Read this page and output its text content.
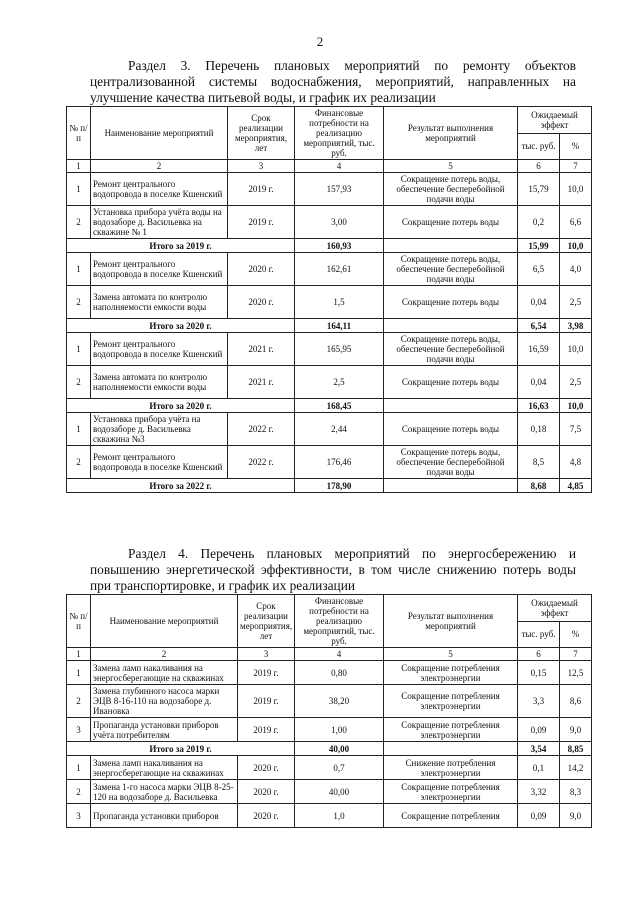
2
Раздел 3. Перечень плановых мероприятий по ремонту объектов централизованной системы водоснабжения, мероприятий, направленных на улучшение качества питьевой воды, и график их реализации
№ п/п	Наименование мероприятий	Срок реализации мероприятия, лет	Финансовые потребности на реализацию мероприятий, тыс. руб.	Результат выполнения мероприятий	Ожидаемый эффект	
					тыс. руб.	%
1	2	3	4	5	6	7
1	Ремонт центрального водопровода в поселке Кшенский	2019 г.	157,93	Сокращение потерь воды, обеспечение бесперебойной подачи воды	15,79	10,0
2	Установка прибора учёта воды на водозаборе д. Васильевка на скважине № 1	2019 г.	3,00	Сокращение потерь воды	0,2	6,6
Итого за 2019 г.			160,93		15,99	10,0
1	Ремонт центрального водопровода в поселке Кшенский	2020 г.	162,61	Сокращение потерь воды, обеспечение бесперебойной подачи воды	6,5	4,0
2	Замена автомата по контролю наполняемости емкости воды	2020 г.	1,5	Сокращение потерь воды	0,04	2,5
Итого за 2020 г.			164,11		6,54	3,98
1	Ремонт центрального водопровода в поселке Кшенский	2021 г.	165,95	Сокращение потерь воды, обеспечение бесперебойной подачи воды	16,59	10,0
2	Замена автомата по контролю наполняемости емкости воды	2021 г.	2,5	Сокращение потерь воды	0,04	2,5
Итого за 2020 г.			168,45		16,63	10,0
1	Установка прибора учёта на водозаборе д. Васильевка скважина №3	2022 г.	2,44	Сокращение потерь воды	0,18	7,5
2	Ремонт центрального водопровода в поселке Кшенский	2022 г.	176,46	Сокращение потерь воды, обеспечение бесперебойной подачи воды	8,5	4,8
Итого за 2022 г.			178,90		8,68	4,85
Раздел 4. Перечень плановых мероприятий по энергосбережению и повышению энергетической эффективности, в том числе снижению потерь воды при транспортировке, и график их реализации
№ п/п	Наименование мероприятий	Срок реализации мероприятия, лет	Финансовые потребности на реализацию мероприятий, тыс. руб.	Результат выполнения мероприятий	Ожидаемый эффект	
					тыс. руб.	%
1	2	3	4	5	6	7
1	Замена ламп накаливания на энергосберегающие на скважинах	2019 г.	0,80	Сокращение потребления электроэнергии	0,15	12,5
2	Замена глубинного насоса марки ЭЦВ 8-16-110 на водозаборе д. Ивановка	2019 г.	38,20	Сокращение потребления электроэнергии	3,3	8,6
3	Пропаганда установки приборов учёта потребителям	2019 г.	1,00	Сокращение потребления электроэнергии	0,09	9,0
Итого за 2019 г.			40,00		3,54	8,85
1	Замена ламп накаливания на энергосберегающие на скважинах	2020 г.	0,7	Снижение потребления электроэнергии	0,1	14,2
2	Замена 1-го насоса марки ЭЦВ 8-25-120 на водозаборе д. Васильевка	2020 г.	40,00	Сокращение потребления электроэнергии	3,32	8,3
3	Пропаганда установки приборов	2020 г.	1,0	Сокращение потребления	0,09	9,0
